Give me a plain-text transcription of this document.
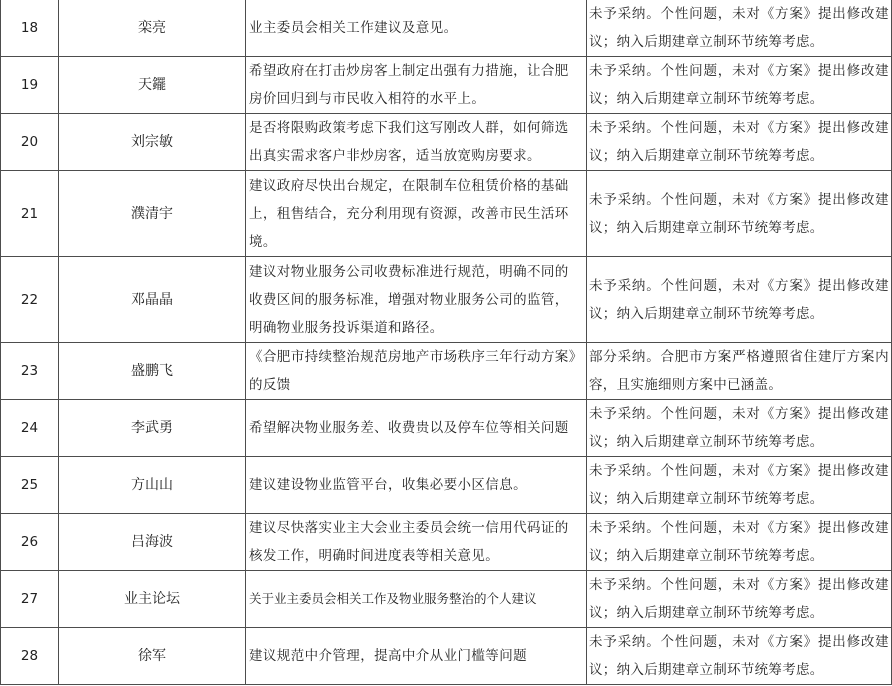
18	栾亮	业主委员会相关工作建议及意见。	未予采纳。个性问题，未对《方案》提出修改建议；纳入后期建章立制环节统筹考虑。
19	天䥯	希望政府在打击炒房客上制定出强有力措施，让合肥房价回归到与市民收入相符的水平上。	未予采纳。个性问题，未对《方案》提出修改建议；纳入后期建章立制环节统筹考虑。
20	刘宗敏	是否将限购政策考虑下我们这写刚改人群，如何筛选出真实需求客户非炒房客，适当放宽购房要求。	未予采纳。个性问题，未对《方案》提出修改建议；纳入后期建章立制环节统筹考虑。
21	濮清宇	建议政府尽快出台规定，在限制车位租赁价格的基础上，租售结合，充分利用现有资源，改善市民生活环境。	未予采纳。个性问题，未对《方案》提出修改建议；纳入后期建章立制环节统筹考虑。
22	邓晶晶	建议对物业服务公司收费标准进行规范，明确不同的收费区间的服务标准，增强对物业服务公司的监管，明确物业服务投诉渠道和路径。	未予采纳。个性问题，未对《方案》提出修改建议；纳入后期建章立制环节统筹考虑。
23	盛鹏飞	《合肥市持续整治规范房地产市场秩序三年行动方案》的反馈	部分采纳。合肥市方案严格遵照省住建厅方案内容，且实施细则方案中已涵盖。
24	李武勇	希望解决物业服务差、收费贵以及停车位等相关问题	未予采纳。个性问题，未对《方案》提出修改建议；纳入后期建章立制环节统筹考虑。
25	方山山	建议建设物业监管平台，收集必要小区信息。	未予采纳。个性问题，未对《方案》提出修改建议；纳入后期建章立制环节统筹考虑。
26	吕海波	建议尽快落实业主大会业主委员会统一信用代码证的核发工作，明确时间进度表等相关意见。	未予采纳。个性问题，未对《方案》提出修改建议；纳入后期建章立制环节统筹考虑。
27	业主论坛	关于业主委员会相关工作及物业服务整治的个人建议	未予采纳。个性问题，未对《方案》提出修改建议；纳入后期建章立制环节统筹考虑。
28	徐军	建议规范中介管理，提高中介从业门槛等问题	未予采纳。个性问题，未对《方案》提出修改建议；纳入后期建章立制环节统筹考虑。
